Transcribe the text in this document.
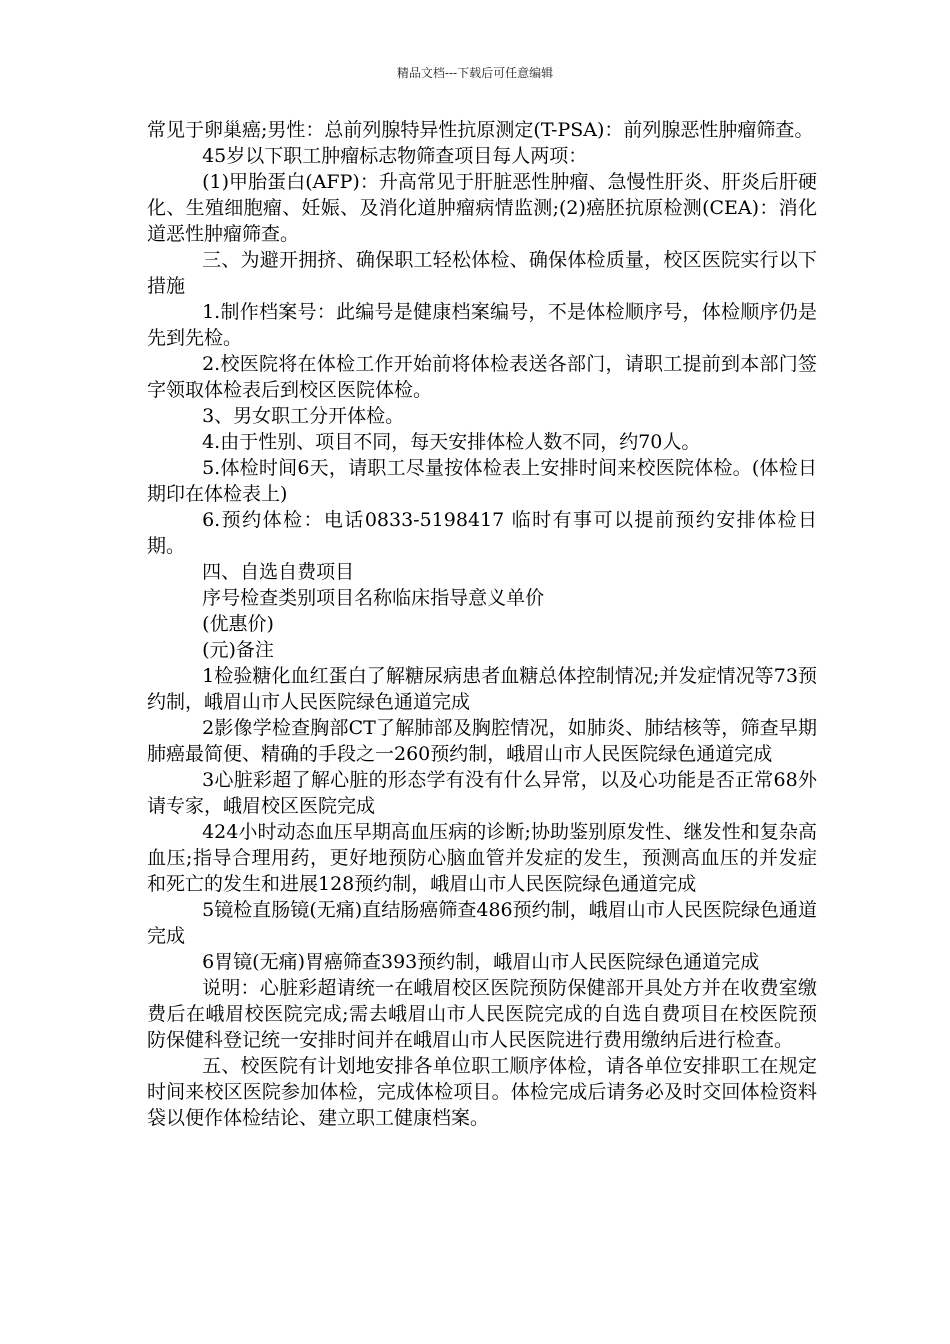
精品文档---下载后可任意编辑

常见于卵巢癌;男性：总前列腺特异性抗原测定(T-PSA)：前列腺恶性肿瘤筛查。

45岁以下职工肿瘤标志物筛查项目每人两项：

(1)甲胎蛋白(AFP)：升高常见于肝脏恶性肿瘤、急慢性肝炎、肝炎后肝硬化、生殖细胞瘤、妊娠、及消化道肿瘤病情监测;(2)癌胚抗原检测(CEA)：消化道恶性肿瘤筛查。

三、为避开拥挤、确保职工轻松体检、确保体检质量，校区医院实行以下措施

1.制作档案号：此编号是健康档案编号，不是体检顺序号，体检顺序仍是先到先检。

2.校医院将在体检工作开始前将体检表送各部门，请职工提前到本部门签字领取体检表后到校区医院体检。

3、男女职工分开体检。

4.由于性别、项目不同，每天安排体检人数不同，约70人。

5.体检时间6天，请职工尽量按体检表上安排时间来校医院体检。(体检日期印在体检表上)

6.预约体检：电话0833-5198417 临时有事可以提前预约安排体检日期。

四、自选自费项目

序号检查类别项目名称临床指导意义单价

(优惠价)

(元)备注

1检验糖化血红蛋白了解糖尿病患者血糖总体控制情况;并发症情况等73预约制，峨眉山市人民医院绿色通道完成

2影像学检查胸部CT了解肺部及胸腔情况，如肺炎、肺结核等，筛查早期肺癌最简便、精确的手段之一260预约制，峨眉山市人民医院绿色通道完成

3心脏彩超了解心脏的形态学有没有什么异常，以及心功能是否正常68外请专家，峨眉校区医院完成

424小时动态血压早期高血压病的诊断;协助鉴别原发性、继发性和复杂高血压;指导合理用药，更好地预防心脑血管并发症的发生，预测高血压的并发症和死亡的发生和进展128预约制，峨眉山市人民医院绿色通道完成

5镜检直肠镜(无痛)直结肠癌筛查486预约制，峨眉山市人民医院绿色通道完成

6胃镜(无痛)胃癌筛查393预约制，峨眉山市人民医院绿色通道完成

说明：心脏彩超请统一在峨眉校区医院预防保健部开具处方并在收费室缴费后在峨眉校医院完成;需去峨眉山市人民医院完成的自选自费项目在校医院预防保健科登记统一安排时间并在峨眉山市人民医院进行费用缴纳后进行检查。

五、校医院有计划地安排各单位职工顺序体检，请各单位安排职工在规定时间来校区医院参加体检，完成体检项目。体检完成后请务必及时交回体检资料袋以便作体检结论、建立职工健康档案。
